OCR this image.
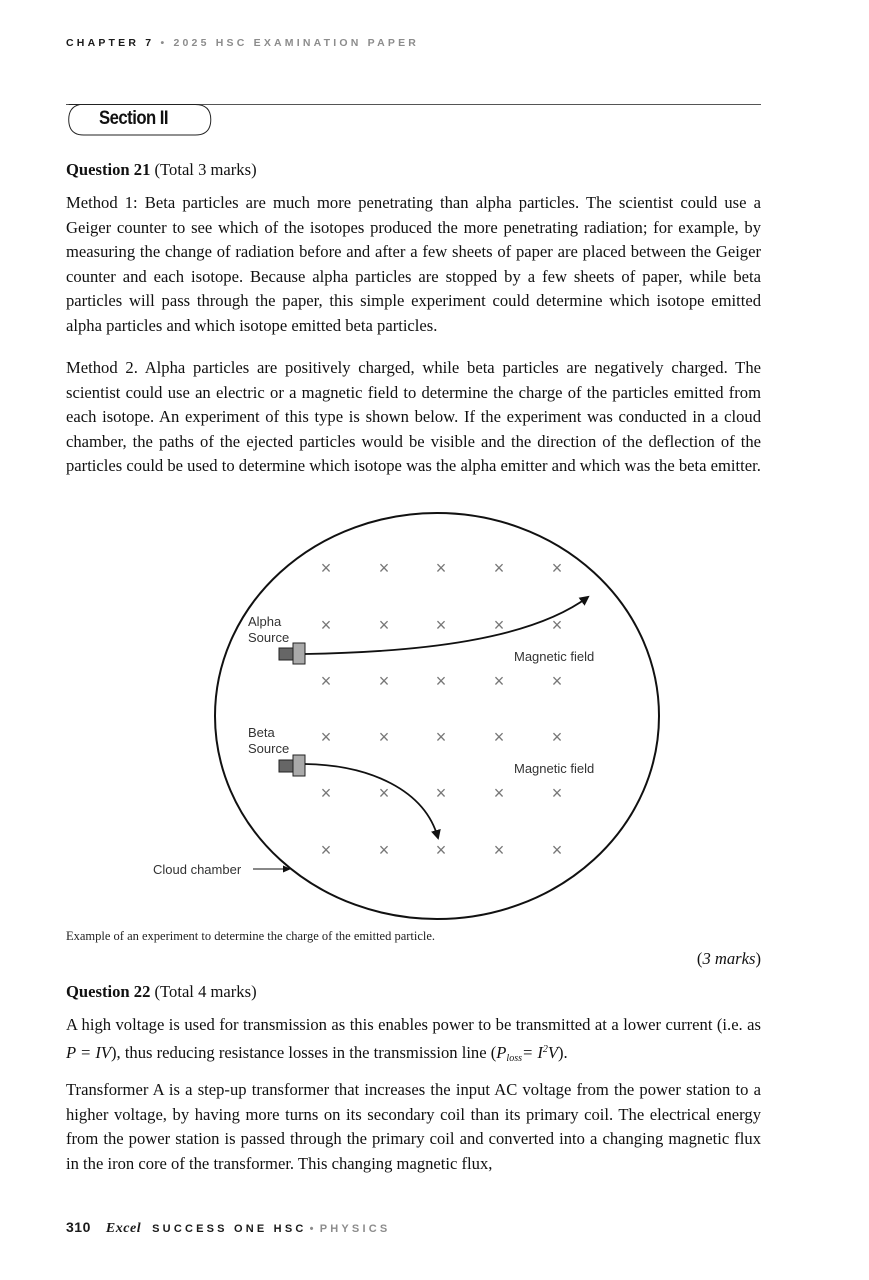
CHAPTER 7 • 2025 HSC EXAMINATION PAPER
Section II
Question 21 (Total 3 marks)
Method 1: Beta particles are much more penetrating than alpha particles. The scientist could use a Geiger counter to see which of the isotopes produced the more penetrating radiation; for example, by measuring the change of radiation before and after a few sheets of paper are placed between the Geiger counter and each isotope. Because alpha particles are stopped by a few sheets of paper, while beta particles will pass through the paper, this simple experiment could determine which isotope emitted alpha particles and which isotope emitted beta particles.
Method 2. Alpha particles are positively charged, while beta particles are negatively charged. The scientist could use an electric or a magnetic field to determine the charge of the particles emitted from each isotope. An experiment of this type is shown below. If the experiment was conducted in a cloud chamber, the paths of the ejected particles would be visible and the direction of the deflection of the particles could be used to determine which isotope was the alpha emitter and which was the beta emitter.
×	×	×	×	×
×	×	×	×	×
×	×	×	×	×
×	×	×	×	×
×	×	×	×	×
×	×	×	×	×
Alpha
Source
Beta
Source
Magnetic field
Magnetic field
Cloud chamber
Example of an experiment to determine the charge of the emitted particle.
(3 marks)
Question 22 (Total 4 marks)
A high voltage is used for transmission as this enables power to be transmitted at a lower current (i.e. as P = IV), thus reducing resistance losses in the transmission line $(P_{loss}= I^2V)$.
Transformer A is a step-up transformer that increases the input AC voltage from the power station to a higher voltage, by having more turns on its secondary coil than its primary coil. The electrical energy from the power station is passed through the primary coil and converted into a changing magnetic flux in the iron core of the transformer. This changing magnetic flux,
310 Excel SUCCESS ONE HSC • PHYSICS
